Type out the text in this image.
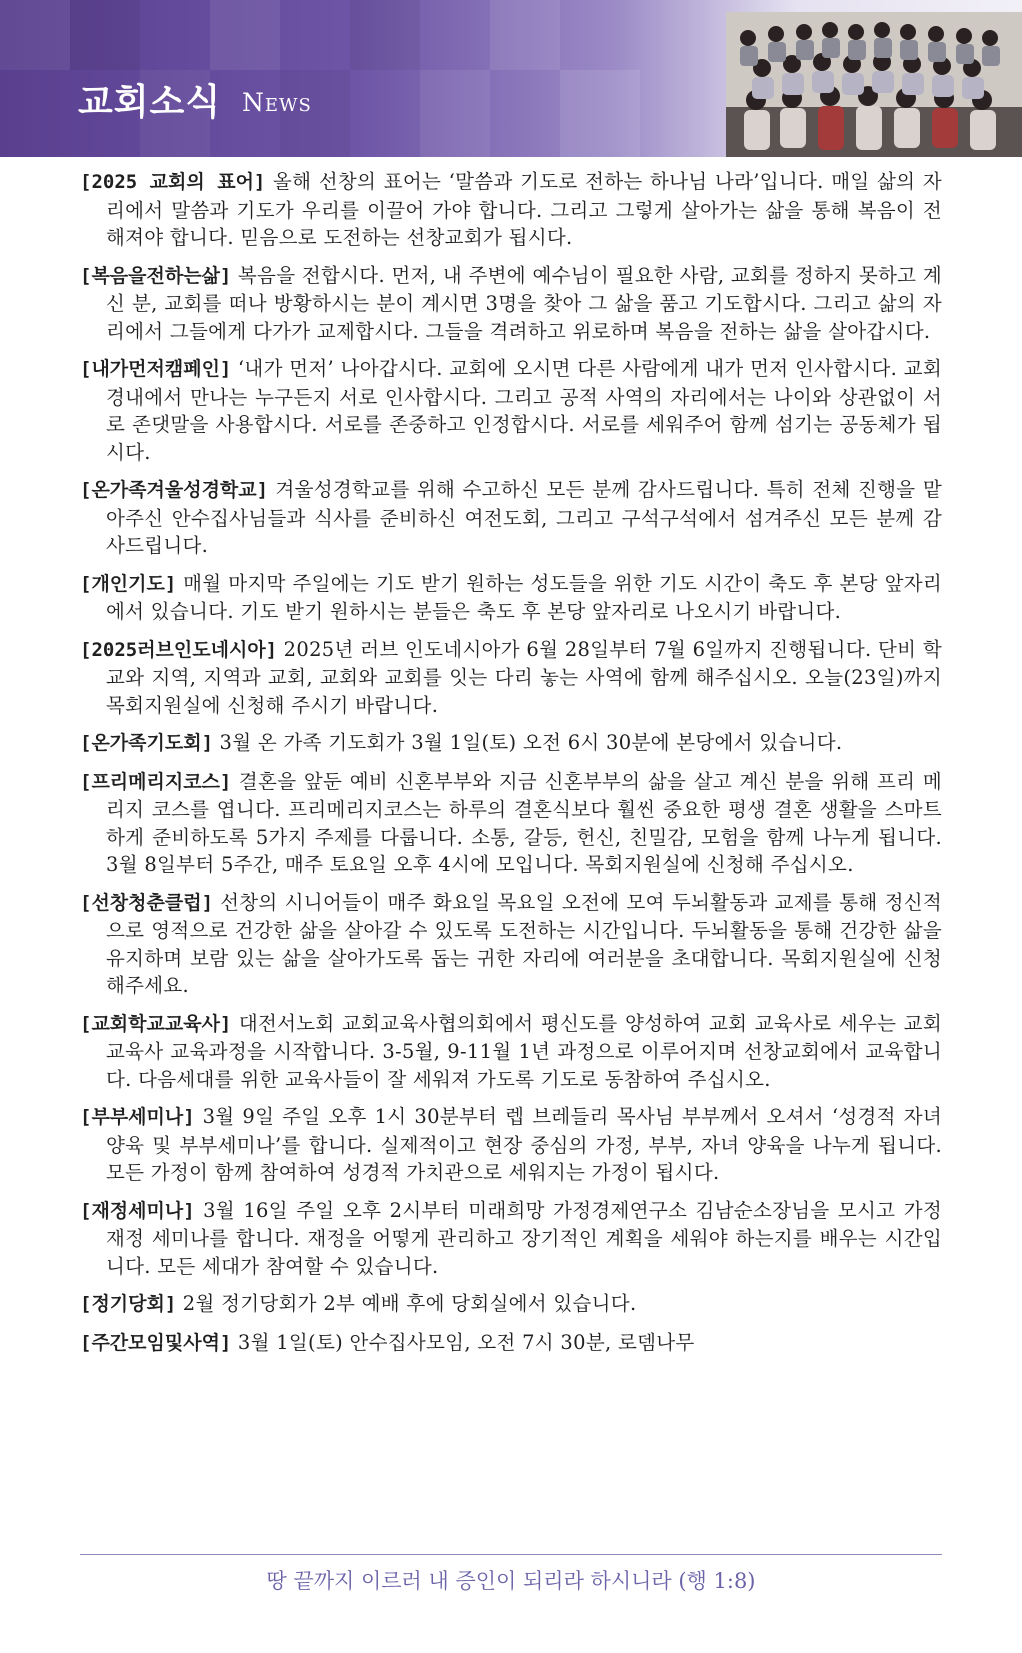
교회소식 News

[2025 교회의 표어] 올해 선창의 표어는 ‘말씀과 기도로 전하는 하나님 나라’입니다. 매일 삶의 자리에서 말씀과 기도가 우리를 이끌어 가야 합니다. 그리고 그렇게 살아가는 삶을 통해 복음이 전해져야 합니다. 믿음으로 도전하는 선창교회가 됩시다.

[복음을전하는삶] 복음을 전합시다. 먼저, 내 주변에 예수님이 필요한 사람, 교회를 정하지 못하고 계신 분, 교회를 떠나 방황하시는 분이 계시면 3명을 찾아 그 삶을 품고 기도합시다. 그리고 삶의 자리에서 그들에게 다가가 교제합시다. 그들을 격려하고 위로하며 복음을 전하는 삶을 살아갑시다.

[내가먼저캠페인] ‘내가 먼저’ 나아갑시다. 교회에 오시면 다른 사람에게 내가 먼저 인사합시다. 교회 경내에서 만나는 누구든지 서로 인사합시다. 그리고 공적 사역의 자리에서는 나이와 상관없이 서로 존댓말을 사용합시다. 서로를 존중하고 인정합시다. 서로를 세워주어 함께 섬기는 공동체가 됩시다.

[온가족겨울성경학교] 겨울성경학교를 위해 수고하신 모든 분께 감사드립니다. 특히 전체 진행을 맡아주신 안수집사님들과 식사를 준비하신 여전도회, 그리고 구석구석에서 섬겨주신 모든 분께 감사드립니다.

[개인기도] 매월 마지막 주일에는 기도 받기 원하는 성도들을 위한 기도 시간이 축도 후 본당 앞자리에서 있습니다. 기도 받기 원하시는 분들은 축도 후 본당 앞자리로 나오시기 바랍니다.

[2025러브인도네시아] 2025년 러브 인도네시아가 6월 28일부터 7월 6일까지 진행됩니다. 단비 학교와 지역, 지역과 교회, 교회와 교회를 잇는 다리 놓는 사역에 함께 해주십시오. 오늘(23일)까지 목회지원실에 신청해 주시기 바랍니다.

[온가족기도회] 3월 온 가족 기도회가 3월 1일(토) 오전 6시 30분에 본당에서 있습니다.

[프리메리지코스] 결혼을 앞둔 예비 신혼부부와 지금 신혼부부의 삶을 살고 계신 분을 위해 프리 메리지 코스를 엽니다. 프리메리지코스는 하루의 결혼식보다 훨씬 중요한 평생 결혼 생활을 스마트하게 준비하도록 5가지 주제를 다룹니다. 소통, 갈등, 헌신, 친밀감, 모험을 함께 나누게 됩니다. 3월 8일부터 5주간, 매주 토요일 오후 4시에 모입니다. 목회지원실에 신청해 주십시오.

[선창청춘클럽] 선창의 시니어들이 매주 화요일 목요일 오전에 모여 두뇌활동과 교제를 통해 정신적으로 영적으로 건강한 삶을 살아갈 수 있도록 도전하는 시간입니다. 두뇌활동을 통해 건강한 삶을 유지하며 보람 있는 삶을 살아가도록 돕는 귀한 자리에 여러분을 초대합니다. 목회지원실에 신청해주세요.

[교회학교교육사] 대전서노회 교회교육사협의회에서 평신도를 양성하여 교회 교육사로 세우는 교회교육사 교육과정을 시작합니다. 3-5월, 9-11월 1년 과정으로 이루어지며 선창교회에서 교육합니다. 다음세대를 위한 교육사들이 잘 세워져 가도록 기도로 동참하여 주십시오.

[부부세미나] 3월 9일 주일 오후 1시 30분부터 렙 브레들리 목사님 부부께서 오셔서 ‘성경적 자녀양육 및 부부세미나’를 합니다. 실제적이고 현장 중심의 가정, 부부, 자녀 양육을 나누게 됩니다. 모든 가정이 함께 참여하여 성경적 가치관으로 세워지는 가정이 됩시다.

[재정세미나] 3월 16일 주일 오후 2시부터 미래희망 가정경제연구소 김남순소장님을 모시고 가정 재정 세미나를 합니다. 재정을 어떻게 관리하고 장기적인 계획을 세워야 하는지를 배우는 시간입니다. 모든 세대가 참여할 수 있습니다.

[정기당회] 2월 정기당회가 2부 예배 후에 당회실에서 있습니다.

[주간모임및사역] 3월 1일(토) 안수집사모임, 오전 7시 30분, 로뎀나무

땅 끝까지 이르러 내 증인이 되리라 하시니라 (행 1:8)
